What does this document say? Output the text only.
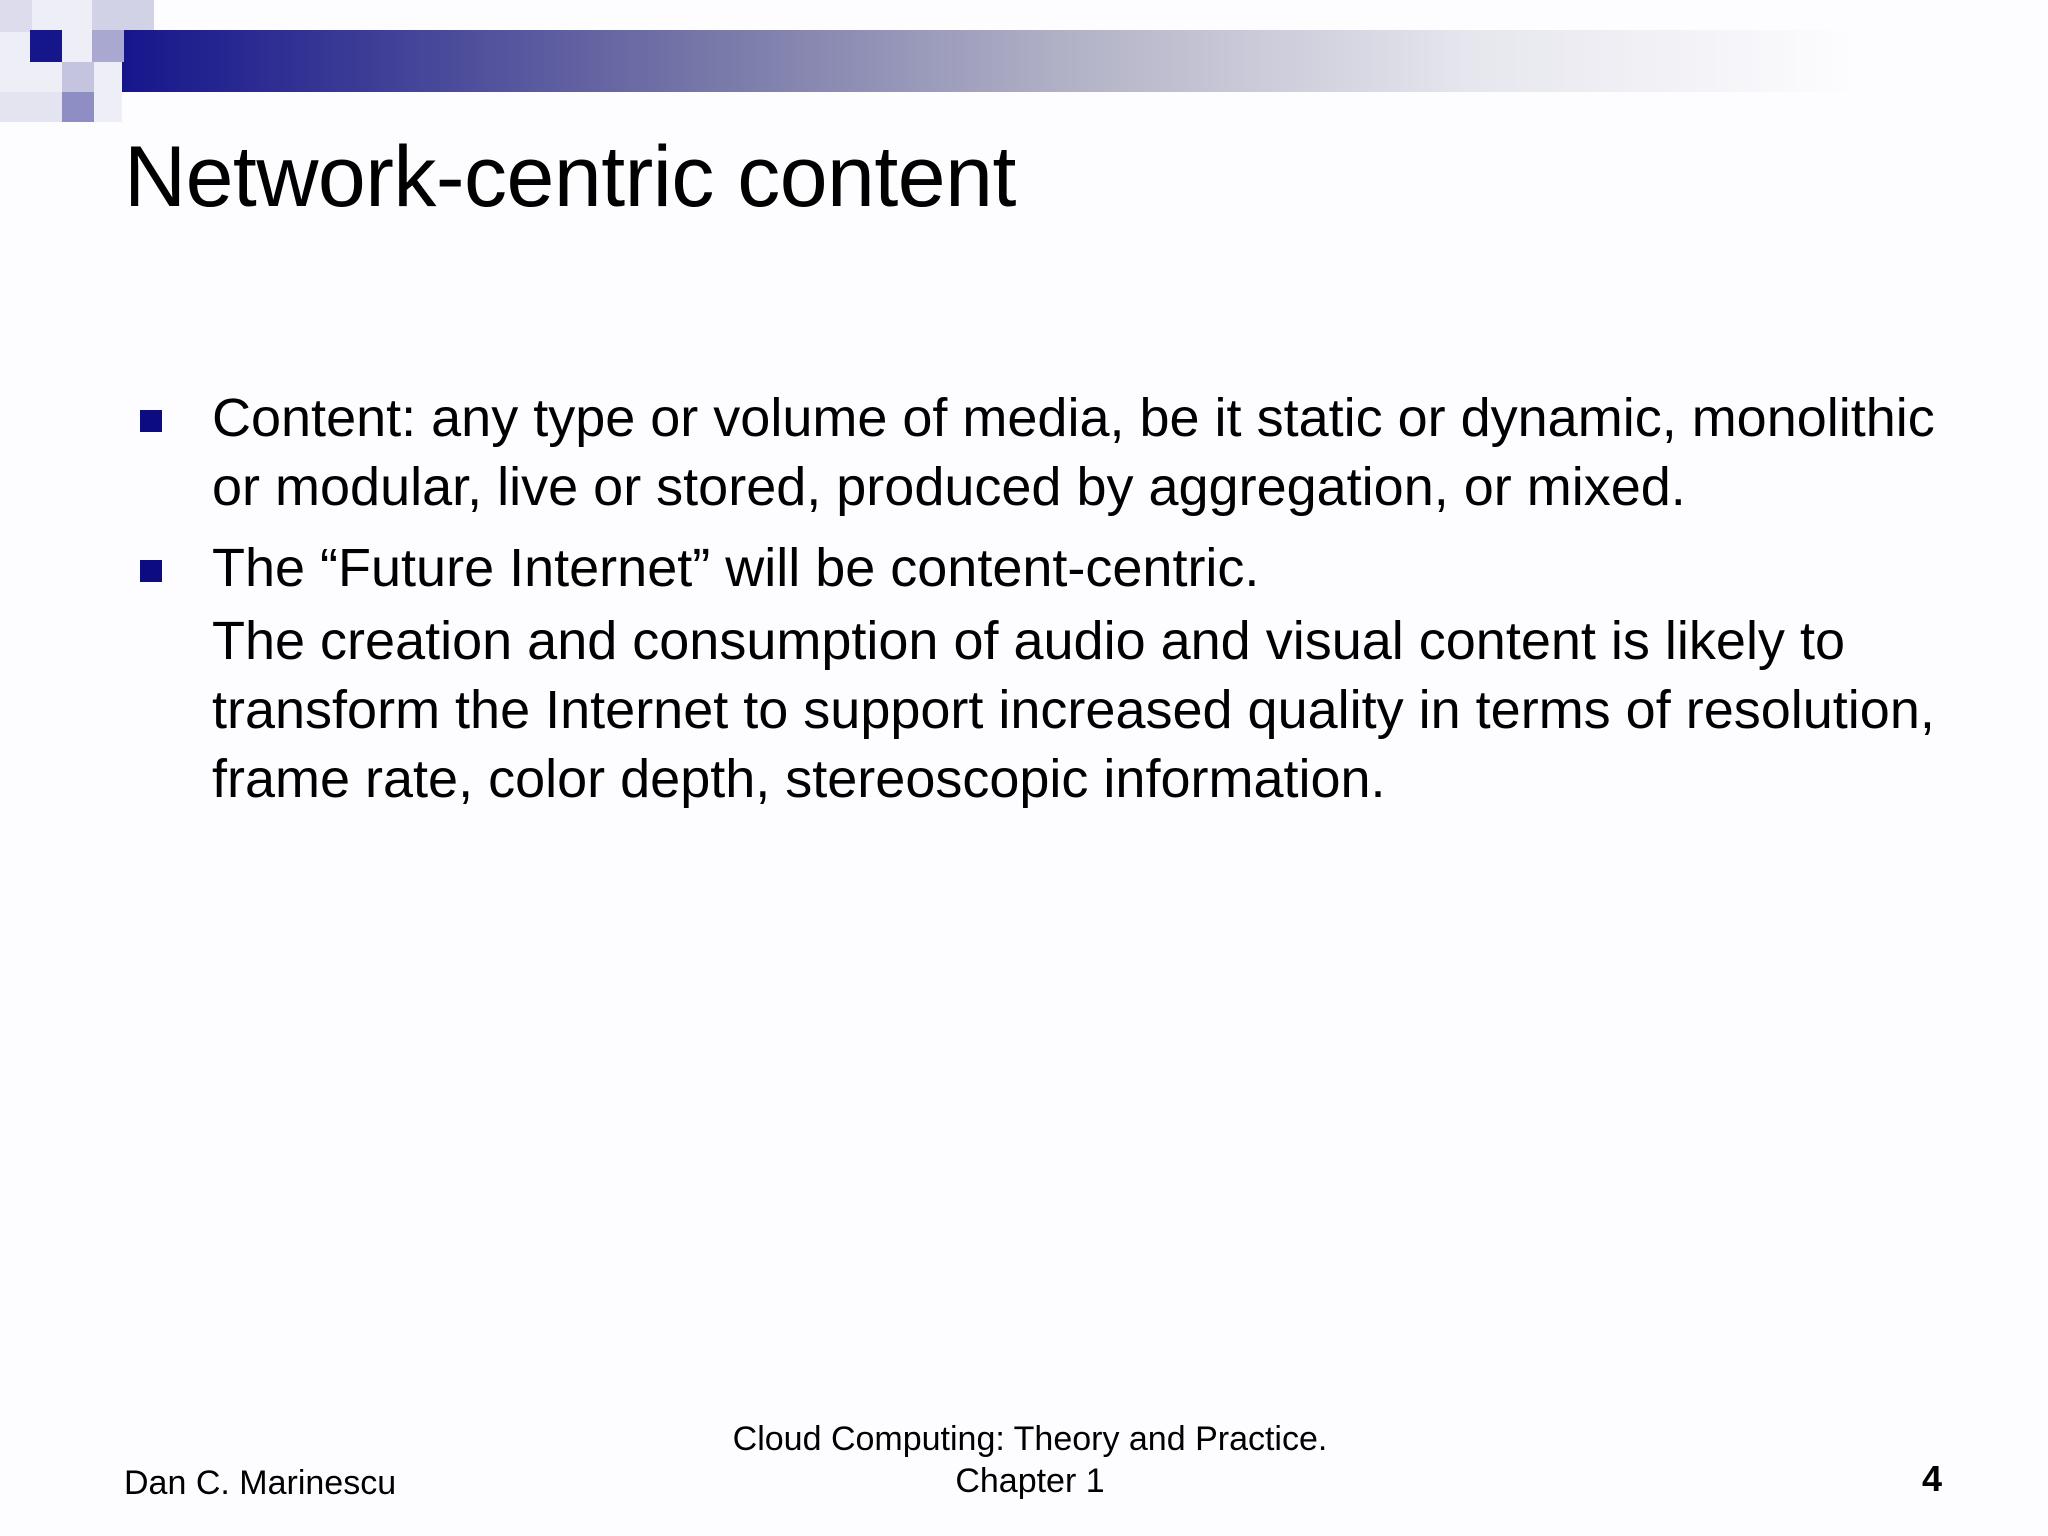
Network-centric content
Content: any type or volume of media, be it static or dynamic, monolithic or modular, live or stored, produced by aggregation, or mixed.
The “Future Internet” will be content-centric.
The creation and consumption of audio and visual content is likely to transform the Internet to support increased quality in terms of resolution, frame rate, color depth, stereoscopic information.
Dan C. Marinescu
Cloud Computing: Theory and Practice.
Chapter 1	4
